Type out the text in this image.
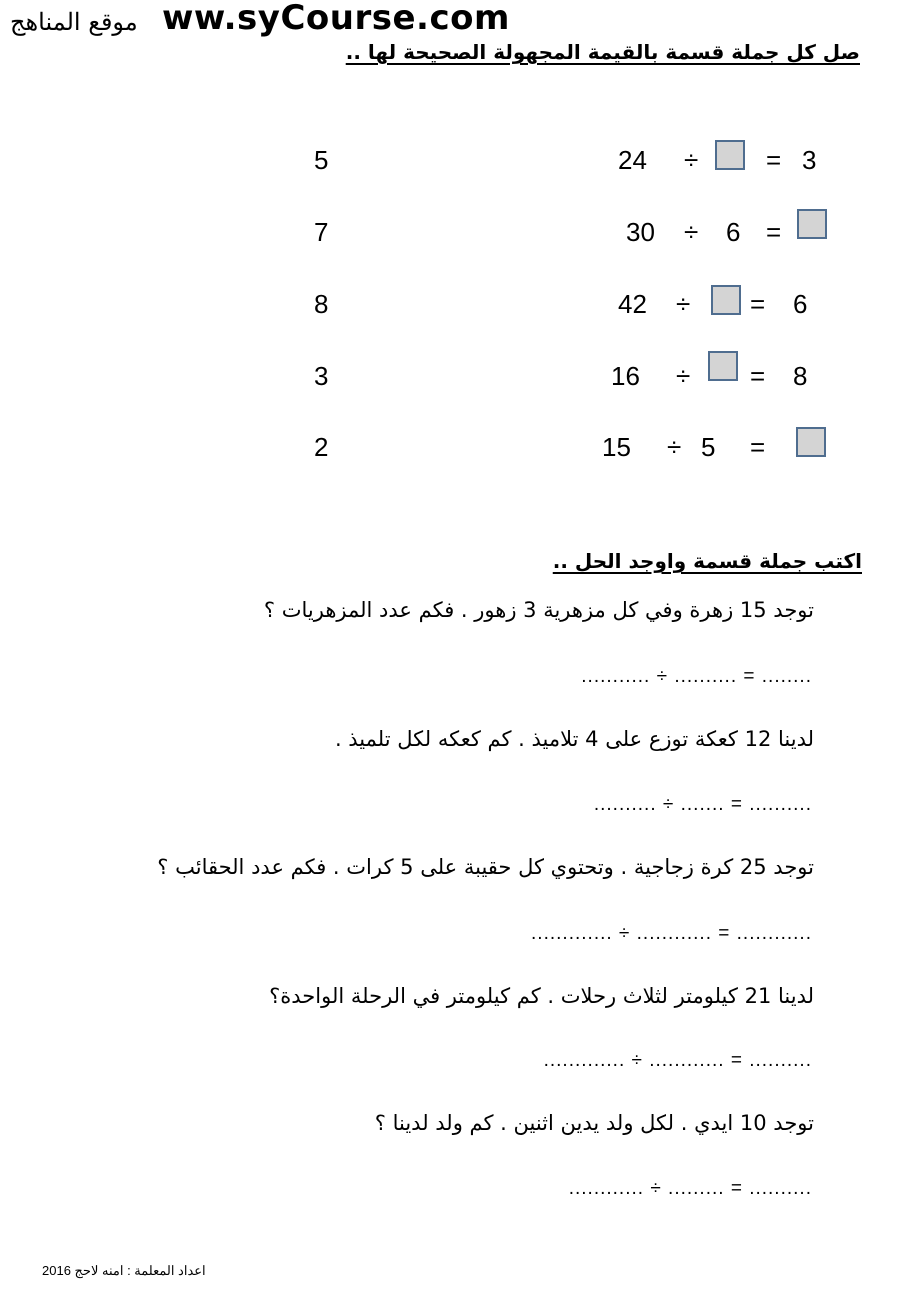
موقع المناهج ww.syCourse.com
صل كل جملة قسمة بالقيمة المجهولة الصحيحة لها ..
5
7
8
3
2
24 ÷	= 3
30 ÷ 6 =
42 ÷ = 6
16 ÷ = 8
15 ÷ 5 =
اكتب جملة قسمة واوجد الحل ..
توجد 15 زهرة وفي كل مزهرية 3 زهور . فكم عدد المزهريات ؟
........... ÷ .......... = ........
لدينا 12 كعكة توزع على 4 تلاميذ . كم كعكه لكل تلميذ .
.......... ÷ ....... = ..........
توجد 25 كرة زجاجية . وتحتوي كل حقيبة على 5 كرات . فكم عدد الحقائب ؟
............. ÷ ............ = ............
لدينا 21 كيلومتر لثلاث رحلات . كم كيلومتر في الرحلة الواحدة؟
............. ÷ ............ = ..........
توجد 10 ايدي . لكل ولد يدين اثنين . كم ولد لدينا ؟
............ ÷ ......... = ..........
اعداد المعلمة : امنه لاحج 2016
